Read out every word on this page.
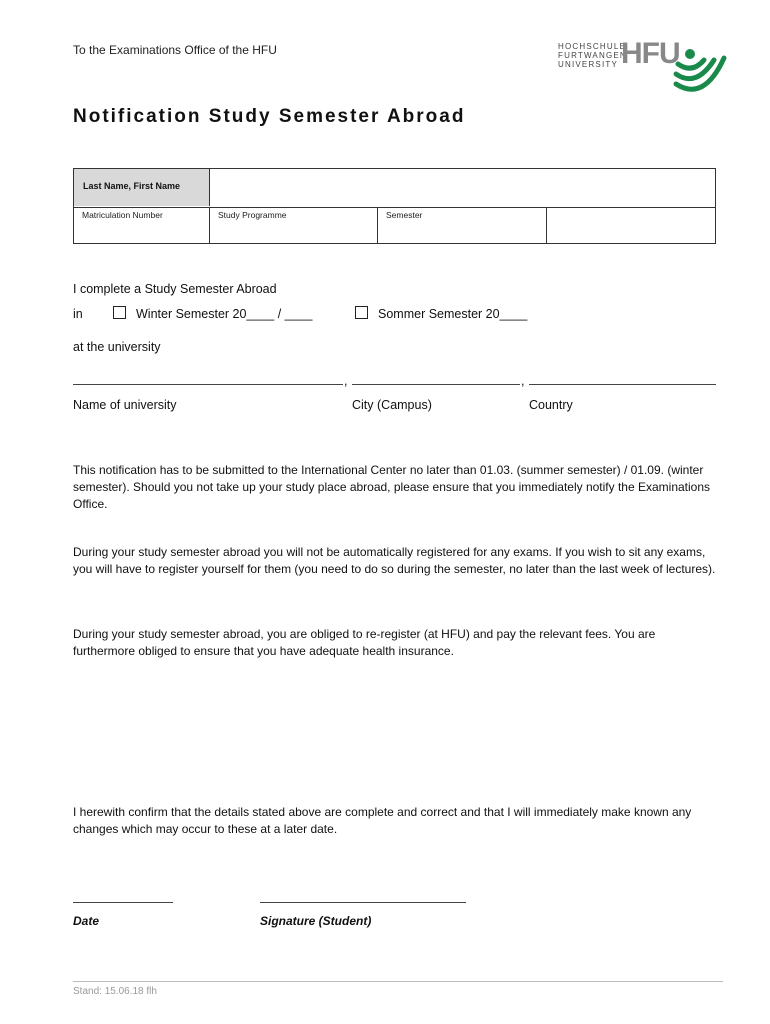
To the Examinations Office of the HFU	HOCHSCHULE
FURTWANGEN
UNIVERSITY HFU
Notification Study Semester Abroad
Last Name, First Name
Matriculation Number	Study Programme	Semester
I complete a Study Semester Abroad
in	Winter Semester 20____ / ____	Sommer Semester 20____
at the university
,	,
Name of university	City (Campus)	Country
This notification has to be submitted to the International Center no later than 01.03. (summer semester) / 01.09. (winter semester). Should you not take up your study place abroad, please ensure that you immediately notify the Examinations Office.
During your study semester abroad you will not be automatically registered for any exams. If you wish to sit any exams, you will have to register yourself for them (you need to do so during the semester, no later than the last week of lectures).
During your study semester abroad, you are obliged to re-register (at HFU) and pay the relevant fees. You are furthermore obliged to ensure that you have adequate health insurance.
I herewith confirm that the details stated above are complete and correct and that I will immediately make known any changes which may occur to these at a later date.
Date	Signature (Student)
Stand: 15.06.18 flh
